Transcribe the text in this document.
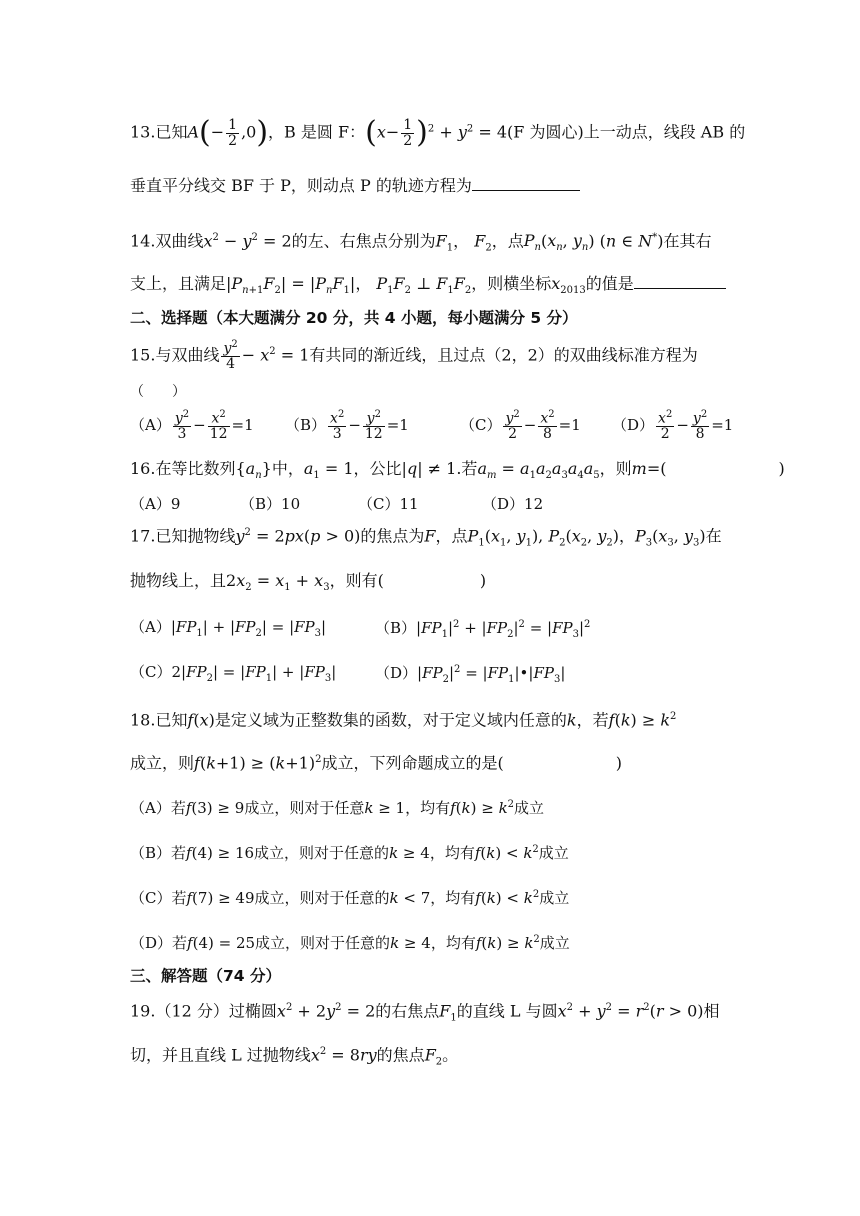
13.已知$A(- \frac{1}{2} ,0)$，B 是圆 F：$(x- \frac{1}{2} )^2 + y^2 = 4(F$ 为圆心)上一动点，线段 AB 的
垂直平分线交 BF 于 P，则动点 P 的轨迹方程为
14.双曲线$x^2 - y^2 = 2$的左、右焦点分别为$F_1$， $F_2$，点$P_n(x_n$, $y_n$) (n ∈ N*)在其右
支上，且满足$|P_{n+1}F_2| = |P_nF_1|$， $P_1F_2$ ⊥ $F_1F_2$，则横坐标$x_{2013}$的值是
二、选择题（本大题满分 20 分，共 4 小题，每小题满分 5 分）
15.与双曲线 $\frac{y^2}{4} - x^2 = 1$有共同的渐近线，且过点（2，2）的双曲线标准方程为
（　　）
$(A) \frac{y^2}{3} - \frac{x^2}{12} =1$ $(B) \frac{x^2}{3} - \frac{y^2}{12} =1$	$(C) \frac{y^2}{2} - \frac{x^2}{8} =1$ $(D) \frac{x^2}{2} - \frac{y^2}{8} =1$
16.在等比数列$\{a_n\}$中，$a_1 = 1$，公比|q| ≠ 1.若$a_m = a_1a_2a_3a_4a_5$，则m=(　　　　　　　)
（A）9	（B）10	（C）11	（D）12
17.已知抛物线$y^2 = 2px(p > 0)$的焦点为F，点$P_1(x_1$, $y_1$), $P_2(x_2$, $y_2$)，$P_3(x_3$, $y_3$)在
抛物线上，且$2x_2 = x_1 + x_3$，则有(　　　　　　)
$(A)|FP_1| + |FP_2| = |FP_3|$	$(B)|FP_1|^2 + |FP_2|^2 = |FP_3|^2$
$(C)2|FP_2| = |FP_1| + |FP_3|$	$(D)|FP_2|^2$ = $|FP_1|•|FP_3|$
18.已知f(x)是定义域为正整数集的函数，对于定义域内任意的k，若$f(k) \ge k^2$
成立，则$f(k+1) \ge (k+1)^2$成立，下列命题成立的是(　　　　　　　)
（A）若f(3) ≥ 9成立，则对于任意k ≥ 1，均有$f(k) \ge k^2$成立
（B）若f(4) ≥ 16成立，则对于任意的k ≥ 4，均有$f(k) < k^2$成立
（C）若f(7) ≥ 49成立，则对于任意的k < 7，均有$f(k) < k^2$成立
（D）若f(4) = 25成立，则对于任意的k ≥ 4，均有$f(k) \ge k^2$成立
三、解答题（74 分）
19.（12 分）过椭圆$x^2 + 2y^2 = 2$的右焦点$F_1$的直线 L 与圆$x^2 + y^2 = r^2(r > 0)$相
切，并且直线 L 过抛物线$x^2 = 8ry$的焦点$F_2$。
